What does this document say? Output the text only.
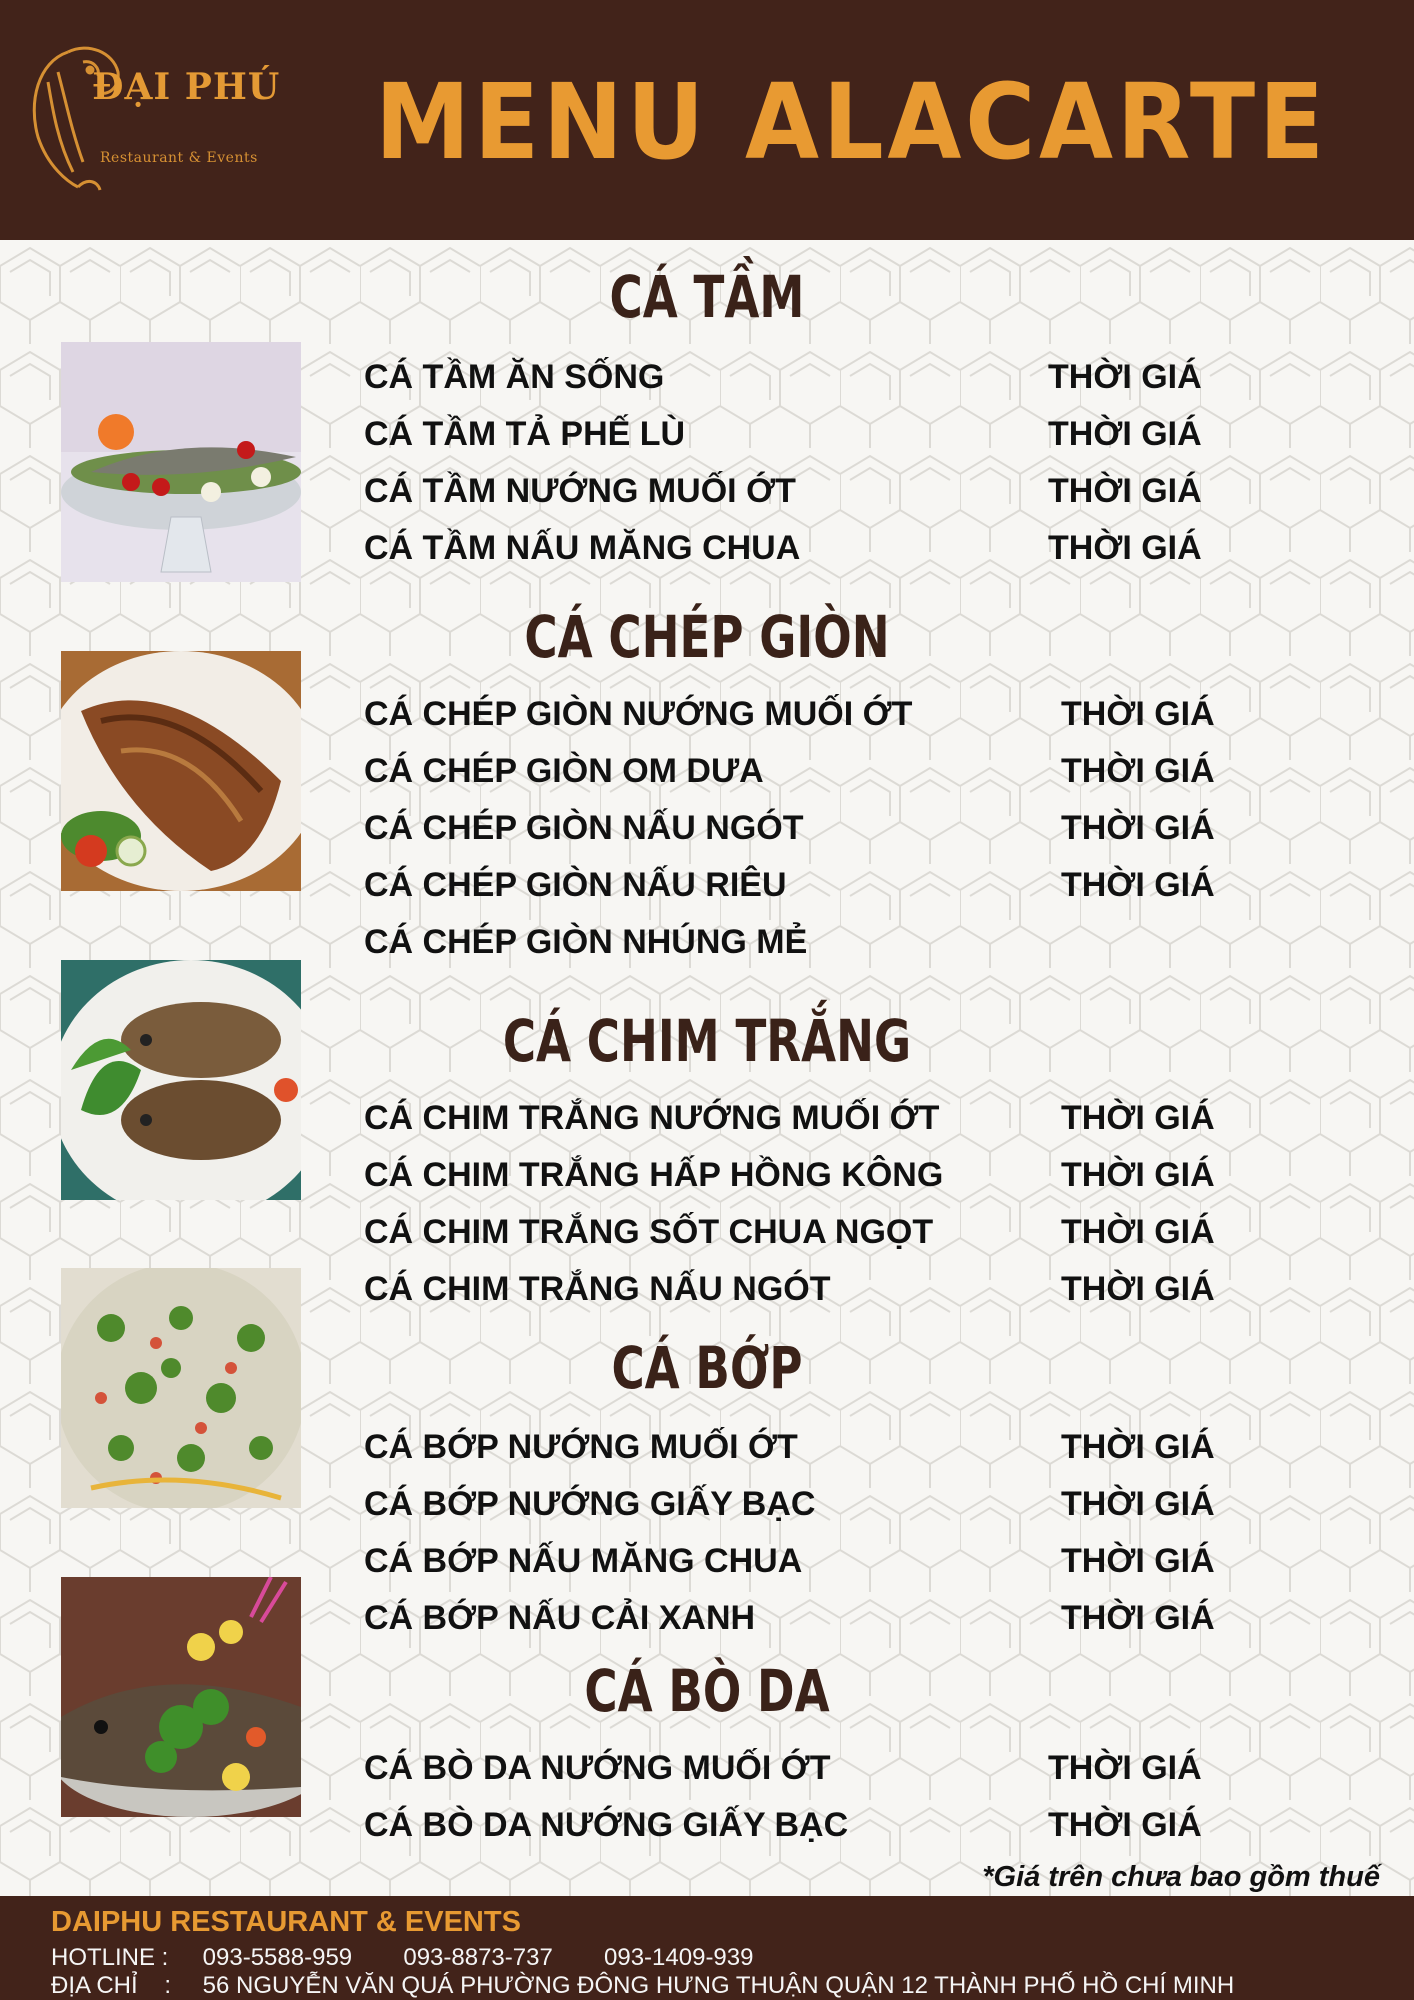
ĐẠI PHÚ
Restaurant & Events MENU ALACARTE
CÁ TẦM
CÁ TẦM ĂN SỐNG	THỜI GIÁ
CÁ TẦM TẢ PHẾ LÙ	THỜI GIÁ
CÁ TẦM NƯỚNG MUỐI ỚT	THỜI GIÁ
CÁ TẦM NẤU MĂNG CHUA	THỜI GIÁ
CÁ CHÉP GIÒN
CÁ CHÉP GIÒN NƯỚNG MUỐI ỚT	THỜI GIÁ
CÁ CHÉP GIÒN OM DƯA	THỜI GIÁ
CÁ CHÉP GIÒN NẤU NGÓT	THỜI GIÁ
CÁ CHÉP GIÒN NẤU RIÊU	THỜI GIÁ
CÁ CHÉP GIÒN NHÚNG MẺ
CÁ CHIM TRẮNG
CÁ CHIM TRẮNG NƯỚNG MUỐI ỚT	THỜI GIÁ
CÁ CHIM TRẮNG HẤP HỒNG KÔNG	THỜI GIÁ
CÁ CHIM TRẮNG SỐT CHUA NGỌT	THỜI GIÁ
CÁ CHIM TRẮNG NẤU NGÓT	THỜI GIÁ
CÁ BỚP
CÁ BỚP NƯỚNG MUỐI ỚT	THỜI GIÁ
CÁ BỚP NƯỚNG GIẤY BẠC	THỜI GIÁ
CÁ BỚP NẤU MĂNG CHUA	THỜI GIÁ
CÁ BỚP NẤU CẢI XANH	THỜI GIÁ
CÁ BÒ DA
CÁ BÒ DA NƯỚNG MUỐI ỚT	THỜI GIÁ
CÁ BÒ DA NƯỚNG GIẤY BẠC	THỜI GIÁ
*Giá trên chưa bao gồm thuế
DAIPHU RESTAURANT & EVENTS
HOTLINE : 093-5588-959 093-8873-737 093-1409-939
ĐỊA CHỈ    : 56 NGUYỄN VĂN QUÁ PHƯỜNG ĐÔNG HƯNG THUẬN QUẬN 12 THÀNH PHỐ HỒ CHÍ MINH
